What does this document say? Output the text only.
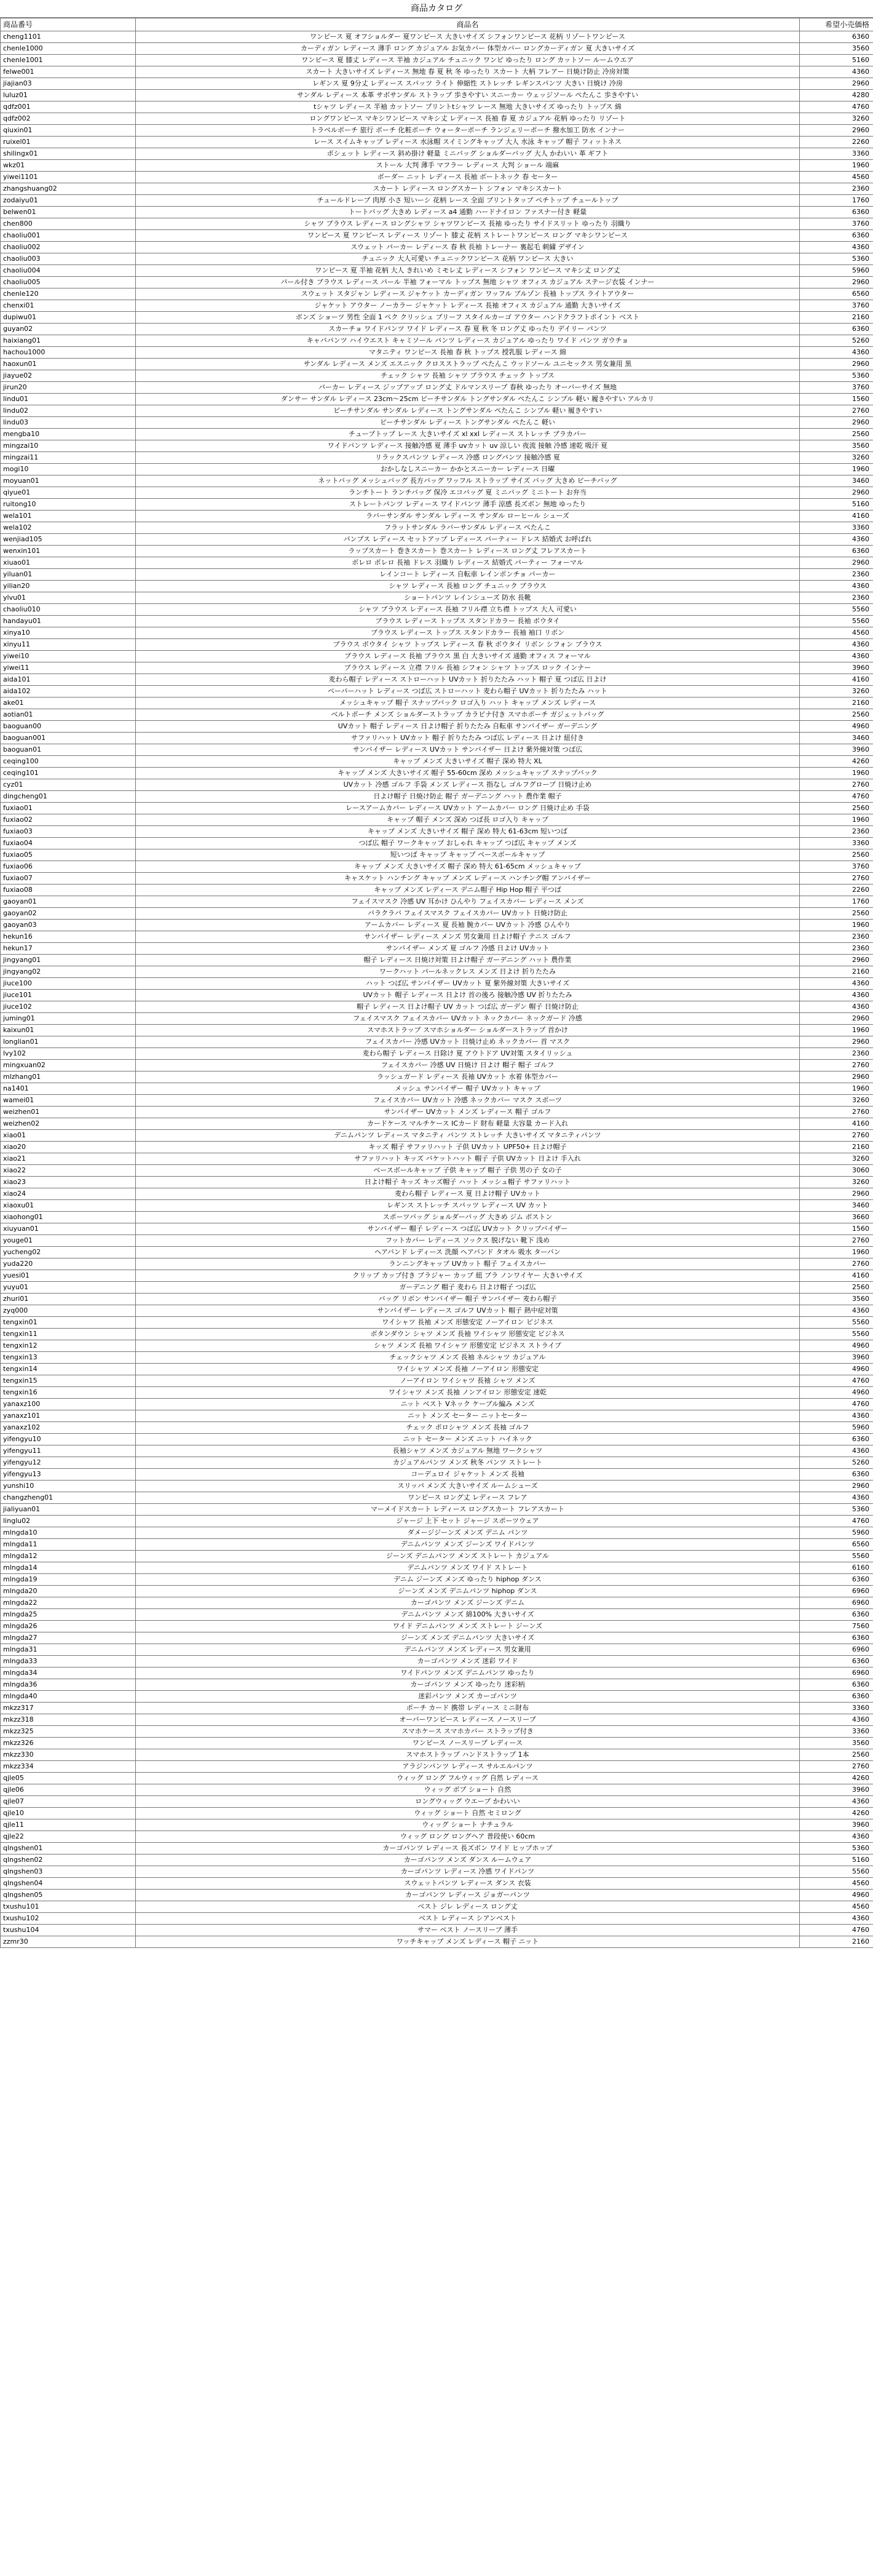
商品カタログ
商品番号	商品名	希望小売価格
cheng1101	ワンピース 夏 オフショルダー 夏ワンピース 大きいサイズ シフォンワンピース 花柄 リゾートワンピース	6360
chenle1000	カーディガン レディース 薄手 ロング カジュアル お気カバー 体型カバー ロングカーディガン 夏 大きいサイズ	3560
chenle1001	ワンピース 夏 膝丈 レディース 半袖 カジュアル チュニック ワンピ ゆったり ロング カットソー ルームウエア	5160
felwe001	スカート 大きいサイズ レディース 無地 春 夏 秋 冬 ゆったり スカート 大柄 フレアー 日焼け防止 冷房対策	4360
jiajian03	レギンス 夏 9分丈 レディース スパッツ ライト 伸縮性 ストレッチ レギンスパンツ 大きい 日焼け 冷房	2960
luluz01	サンダル レディース 本革 サボサンダル ストラップ 歩きやすい スニーカー ウェッジソール ぺたんこ 歩きやすい	4280
qdfz001	tシャツ レディース 半袖 カットソー プリントtシャツ レース 無地 大きいサイズ ゆったり トップス 綿	4760
qdfz002	ロングワンピース マキシワンピース マキシ丈 レディース 長袖 春 夏 カジュアル 花柄 ゆったり リゾート	3260
qiuxin01	トラベルポーチ 旅行 ポーチ 化粧ポーチ ウォーターポーチ ランジェリーポーチ 撥水加工 防水 インナー	2960
ruixel01	レース スイムキャップ レディース 水泳帽 スイミングキャップ 大人 水泳 キャップ 帽子 フィットネス	2260
shilingx01	ポシェット レディース 斜め掛け 軽量 ミニバッグ ショルダーバッグ 大人 かわいい 革 ギフト	3360
wkz01	ストール 大判 薄手 マフラー レディース 大判 ショール 端麻	1960
yiwei1101	ボーダー ニット レディース 長袖 ボートネック 春 セーター	4560
zhangshuang02	スカート レディース ロングスカート シフォン マキシスカート	2360
zodaiyu01	チュールドレープ 肉厚 小さ 短いーシ 花柄 レース 全面 プリントタップ ペチトップ チュールトップ	1760
belwen01	トートバッグ 大きめ レディース a4 通勤 ハードナイロン ファスナー付き 軽量	6360
chen800	シャツ ブラウス レディース ロングシャツ シャツワンピース 長袖 ゆったり サイドスリット ゆったり 羽織り	3760
chaoliu001	ワンピース 夏 ワンピース レディース リゾート 膝丈 花柄 ストレートワンピース ロング マキシワンピース	6360
chaoliu002	スウェット パーカー レディース 春 秋 長袖 トレーナー 裏起毛 刺繍 デザイン	4360
chaoliu003	チュニック 大人可愛い チュニックワンピース 花柄 ワンピース 大きい	5360
chaoliu004	ワンピース 夏 半袖 花柄 大人 きれいめ ミモレ丈 レディース シフォン ワンピース マキシ丈 ロング丈	5960
chaoliu005	パール付き ブラウス レディース パール 半袖 フォーマル トップス 無地 シャツ オフィス カジュアル ステージ衣装 インナー	2960
chenle120	スウェット スタジャン レディース ジャケット カーディガン ワッフル ブルゾン 長袖 トップス ライトアウター	6560
chenxi01	ジャケット アウター ノーカラー ジャケット レディース 長袖 オフィス カジュアル 通勤 大きいサイズ	3760
dupiwu01	ボンズ ショーツ 男性 全面 1 ペク クリッシュ ブリーフ スタイルカーゴ アウター ハンドクラフトポイント ベスト	2160
guyan02	スカーチョ ワイドパンツ ワイド レディース 春 夏 秋 冬 ロング丈 ゆったり デイリー パンツ	6360
haixiang01	キャバパンツ ハイウエスト キャミソール パンツ レディース カジュアル ゆったり ワイド パンツ ガウチョ	5260
hachou1000	マタニティ ワンピース 長袖 春 秋 トップス 授乳服 レディース 綿	4360
haoxun01	サンダル レディース メンズ エスニック クロスストラップ ぺたんこ ウッドソール ユニセックス 男女兼用 黒	2960
jiayue02	チェック シャツ 長袖 シャツ ブラウス チェック トップス	5360
jirun20	パーカー レディース ジップアップ ロング丈 ドルマンスリーブ 春秋 ゆったり オーバーサイズ 無地	3760
lindu01	ダンサー サンダル レディース 23cm〜25cm ビーチサンダル トングサンダル ぺたんこ シンプル 軽い 履きやすい アルカリ	1560
lindu02	ビーチサンダル サンダル レディース トングサンダル ぺたんこ シンプル 軽い 履きやすい	2760
lindu03	ビーチサンダル レディース トングサンダル ぺたんこ 軽い	2960
mengba10	チュープトップ レース 大きいサイズ xl xxl レディース ストレッチ ブラカバー	2560
mingzai10	ワイドパンツ レディース 接触冷感 夏 薄手 uvカット uv 涼しい 夜流 接触 冷感 速乾 吸汗 夏	3560
mingzai11	リラックスパンツ レディース 冷感 ロングパンツ 接触冷感 夏	3260
mogi10	おかしなしスニーカー かかとスニーカー レディース 日曜	1960
moyuan01	ネットバッグ メッシュバッグ 長方バッグ ワッフル ストラップ サイズ バッグ 大きめ ビーチバッグ	3460
qiyue01	ランチトート ランチバッグ 保冷 エコバッグ 夏 ミニバッグ ミニトート お弁当	2960
ruitong10	ストレートパンツ レディース ワイドパンツ 薄手 涼感 長ズボン 無地 ゆったり	5160
wela101	ラバーサンダル サンダル レディース サンダル ローヒール シューズ	4160
wela102	フラットサンダル ラバーサンダル レディース ぺたんこ	3360
wenjiad105	パンプス レディース セットアップ レディース パーティー ドレス 結婚式 お呼ばれ	4360
wenxin101	ラップスカート 巻きスカート 巻スカート レディース ロング丈 フレアスカート	6360
xiuao01	ボレロ ボレロ 長袖 ドレス 羽織り レディース 結婚式 パーティー フォーマル	2960
yiluan01	レインコート レディース 自転車 レインポンチョ パーカー	2360
yilian20	シャツ レディース 長袖 ロング チュニック ブラウス	4360
ylvu01	ショートパンツ レインシューズ 防水 長靴	2360
chaoliu010	シャツ ブラウス レディース 長袖 フリル襟 立ち襟 トップス 大人 可愛い	5560
handayu01	ブラウス レディース トップス スタンドカラー 長袖 ボウタイ	5560
xinya10	ブラウス レディース トップス スタンドカラー 長袖 袖口 リボン	4560
xinyu11	ブラウス ボウタイ シャツ トップス レディース 春 秋 ボウタイ リボン シフォン ブラウス	4360
yiwei10	ブラウス レディース 長袖 ブラウス 黒 白 大きいサイズ 通勤 オフィス フォーマル	4360
yiwei11	ブラウス レディース 立襟 フリル 長袖 シフォン シャツ トップス ロック インナー	3960
aida101	麦わら帽子 レディース ストローハット UVカット 折りたたみ ハット 帽子 夏 つば広 日よけ	4160
aida102	ペーパーハット レディース つば広 ストローハット 麦わら帽子 UVカット 折りたたみ ハット	3260
ake01	メッシュキャップ 帽子 スナップバック ロゴ入り ハット キャップ メンズ レディース	2160
aotian01	ベルトポーチ メンズ ショルダーストラップ カラビナ付き スマホポーチ ガジェットバッグ	2560
baoguan00	UVカット 帽子 レディース 日よけ帽子 折りたたみ 自転車 サンバイザー ガーデニング	4960
baoguan001	サファリハット UVカット 帽子 折りたたみ つば広 レディース 日よけ 紐付き	3460
baoguan01	サンバイザー レディース UVカット サンバイザー 日よけ 紫外線対策 つば広	3960
ceqing100	キャップ メンズ 大きいサイズ 帽子 深め 特大 XL	4260
ceqing101	キャップ メンズ 大きいサイズ 帽子 55-60cm 深め メッシュキャップ スナップバック	1960
cyz01	UVカット 冷感 ゴルフ 手袋 メンズ レディース 指なし ゴルフグローブ 日焼け止め	2760
dingcheng01	日よけ帽子 日焼け防止 帽子 ガーデニング ハット 農作業 帽子	4760
fuxiao01	レースアームカバー レディース UVカット アームカバー ロング 日焼け止め 手袋	2560
fuxiao02	キャップ 帽子 メンズ 深め つば長 ロゴ入り キャップ	1960
fuxiao03	キャップ メンズ 大きいサイズ 帽子 深め 特大 61-63cm 短いつば	2360
fuxiao04	つば広 帽子 ワークキャップ おしゃれ キャップ つば広 キャップ メンズ	3360
fuxiao05	短いつば キャップ キャップ ベースボールキャップ	2560
fuxiao06	キャップ メンズ 大きいサイズ 帽子 深め 特大 61-65cm メッシュキャップ	3760
fuxiao07	キャスケット ハンチング キャップ メンズ レディース ハンチング帽 アンバイザー	2760
fuxiao08	キャップ メンズ レディース デニム帽子 Hip Hop 帽子 平つば	2260
gaoyan01	フェイスマスク 冷感 UV 耳かけ ひんやり フェイスカバー レディース メンズ	1760
gaoyan02	バラクラバ フェイスマスク フェイスカバー UVカット 日焼け防止	2560
gaoyan03	アームカバー レディース 夏 長袖 腕カバー UVカット 冷感 ひんやり	1960
hekun16	サンバイザー レディース メンズ 男女兼用 日よけ帽子 テニス ゴルフ	2360
hekun17	サンバイザー メンズ 夏 ゴルフ 冷感 日よけ UVカット	2360
jingyang01	帽子 レディース 日焼け対策 日よけ帽子 ガーデニング ハット 農作業	2960
jingyang02	ワークハット パールネックレス メンズ 日よけ 折りたたみ	2160
jiuce100	ハット つば広 サンバイザー UVカット 夏 紫外線対策 大きいサイズ	4360
jiuce101	UVカット 帽子 レディース 日よけ 首の後ろ 接触冷感 UV 折りたたみ	4360
jiuce102	帽子 レディース 日よけ帽子 UV カット つば広 ガーデン 帽子 日焼け防止	4360
juming01	フェイスマスク フェイスカバー UVカット ネックカバー ネックガード 冷感	2960
kaixun01	スマホストラップ スマホショルダー ショルダーストラップ 首かけ	1960
longlian01	フェイスカバー 冷感 UVカット 日焼け止め ネックカバー 首 マスク	2960
lvy102	麦わら帽子 レディース 日除け 夏 アウトドア UV対策 スタイリッシュ	2360
mingxuan02	フェイスカバー 冷感 UV 日焼け 日よけ 帽子 帽子 ゴルフ	2760
mlzhang01	ラッシュガード レディース 長袖 UVカット 水着 体型カバー	2960
na1401	メッシュ サンバイザー 帽子 UVカット キャップ	1960
wamei01	フェイスカバー UVカット 冷感 ネックカバー マスク スポーツ	3260
weizhen01	サンバイザー UVカット メンズ レディース 帽子 ゴルフ	2760
weizhen02	カードケース マルチケース ICカード 財布 軽量 大容量 カード入れ	4160
xiao01	デニムパンツ レディース マタニティ パンツ ストレッチ 大きいサイズ マタニティパンツ	2760
xiao20	キッズ 帽子 サファリハット 子供 UVカット UPF50+ 日よけ帽子	2160
xiao21	サファリハット キッズ バケットハット 帽子 子供 UVカット 日よけ 手入れ	3260
xiao22	ベースボールキャップ 子供 キャップ 帽子 子供 男の子 女の子	3060
xiao23	日よけ帽子 キッズ キッズ帽子 ハット メッシュ帽子 サファリハット	3260
xiao24	麦わら帽子 レディース 夏 日よけ帽子 UVカット	2960
xiaoxu01	レギンス ストレッチ スパッツ レディース UV カット	3460
xiaohong01	スポーツバッグ ショルダーバッグ 大きめ ジム ボストン	3660
xiuyuan01	サンバイザー 帽子 レディース つば広 UVカット クリップバイザー	1560
youge01	フットカバー レディース ソックス 脱げない 靴下 浅め	2760
yucheng02	ヘアバンド レディース 洗顔 ヘアバンド タオル 吸水 ターバン	1960
yuda220	ランニングキャップ UVカット 帽子 フェイスカバー	2760
yuesi01	クリップ カップ付き ブラジャー カップ 紐 ブラ ノンワイヤー 大きいサイズ	4160
yuyu01	ガーデニング 帽子 麦わら 日よけ帽子 つば広	2560
zhuri01	バッグ リボン サンバイザー 帽子 サンバイザー 麦わら帽子	3560
zyq000	サンバイザー レディース ゴルフ UVカット 帽子 熱中症対策	4360
tengxin01	ワイシャツ 長袖 メンズ 形態安定 ノーアイロン ビジネス	5560
tengxin11	ボタンダウン シャツ メンズ 長袖 ワイシャツ 形態安定 ビジネス	5560
tengxin12	シャツ メンズ 長袖 ワイシャツ 形態安定 ビジネス ストライプ	4960
tengxin13	チェックシャツ メンズ 長袖 ネルシャツ カジュアル	3960
tengxin14	ワイシャツ メンズ 長袖 ノーアイロン 形態安定	4960
tengxin15	ノーアイロン ワイシャツ 長袖 シャツ メンズ	4760
tengxin16	ワイシャツ メンズ 長袖 ノンアイロン 形態安定 速乾	4960
yanaxz100	ニット ベスト Vネック ケーブル編み メンズ	4760
yanaxz101	ニット メンズ セーター ニットセーター	4360
yanaxz102	チェック ポロシャツ メンズ 長袖 ゴルフ	5960
yifengyu10	ニット セーター メンズ ニット ハイネック	6360
yifengyu11	長袖シャツ メンズ カジュアル 無地 ワークシャツ	4360
yifengyu12	カジュアルパンツ メンズ 秋冬 パンツ ストレート	5260
yifengyu13	コーデュロイ ジャケット メンズ 長袖	6360
yunshi10	スリッパ メンズ 大きいサイズ ルームシューズ	2960
changzheng01	ワンピース ロング丈 レディース フレア	4360
jialiyuan01	マーメイドスカート レディース ロングスカート フレアスカート	5360
linglu02	ジャージ 上下 セット ジャージ スポーツウェア	4760
mlngda10	ダメージジーンズ メンズ デニム パンツ	5960
mlngda11	デニムパンツ メンズ ジーンズ ワイドパンツ	6560
mlngda12	ジーンズ デニムパンツ メンズ ストレート カジュアル	5560
mlngda14	デニムパンツ メンズ ワイド ストレート	6160
mlngda19	デニム ジーンズ メンズ ゆったり hiphop ダンス	6360
mlngda20	ジーンズ メンズ デニムパンツ hiphop ダンス	6960
mlngda22	カーゴパンツ メンズ ジーンズ デニム	6960
mlngda25	デニムパンツ メンズ 綿100% 大きいサイズ	6360
mlngda26	ワイド デニムパンツ メンズ ストレート ジーンズ	7560
mlngda27	ジーンズ メンズ デニムパンツ 大きいサイズ	6360
mlngda31	デニムパンツ メンズ レディース 男女兼用	6960
mlngda33	カーゴパンツ メンズ 迷彩 ワイド	6360
mlngda34	ワイドパンツ メンズ デニムパンツ ゆったり	6960
mlngda36	カーゴパンツ メンズ ゆったり 迷彩柄	6360
mlngda40	迷彩パンツ メンズ カーゴパンツ	6360
mkzz317	ポーチ カード 携帯 レディース ミニ財布	3360
mkzz318	オーバーワンピース レディース ノースリーブ	4360
mkzz325	スマホケース スマホカバー ストラップ付き	3360
mkzz326	ワンピース ノースリーブ レディース	3560
mkzz330	スマホストラップ ハンドストラップ 1本	2560
mkzz334	アラジンパンツ レディース サルエルパンツ	2760
qjle05	ウィッグ ロング フルウィッグ 自然 レディース	4260
qjle06	ウィッグ ボブ ショート 自然	3960
qjle07	ロングウィッグ ウエーブ かわいい	4360
qjle10	ウィッグ ショート 自然 セミロング	4260
qjle11	ウィッグ ショート ナチュラル	3960
qjle22	ウィッグ ロング ロングヘア 普段使い 60cm	4360
qlngshen01	カーゴパンツ レディース 長ズボン ワイド ヒップホップ	5360
qlngshen02	カーゴパンツ メンズ ダンス ルームウェア	5160
qlngshen03	カーゴパンツ レディース 冷感 ワイドパンツ	5560
qlngshen04	スウェットパンツ レディース ダンス 衣装	4560
qlngshen05	カーゴパンツ レディース ジョガーパンツ	4960
txushu101	ベスト ジレ レディース ロング丈	4560
txushu102	ベスト レディース シアンベスト	4360
txushu104	サマー ベスト ノースリーブ 薄手	4760
zzmr30	ワッチキャップ メンズ レディース 帽子 ニット	2160
